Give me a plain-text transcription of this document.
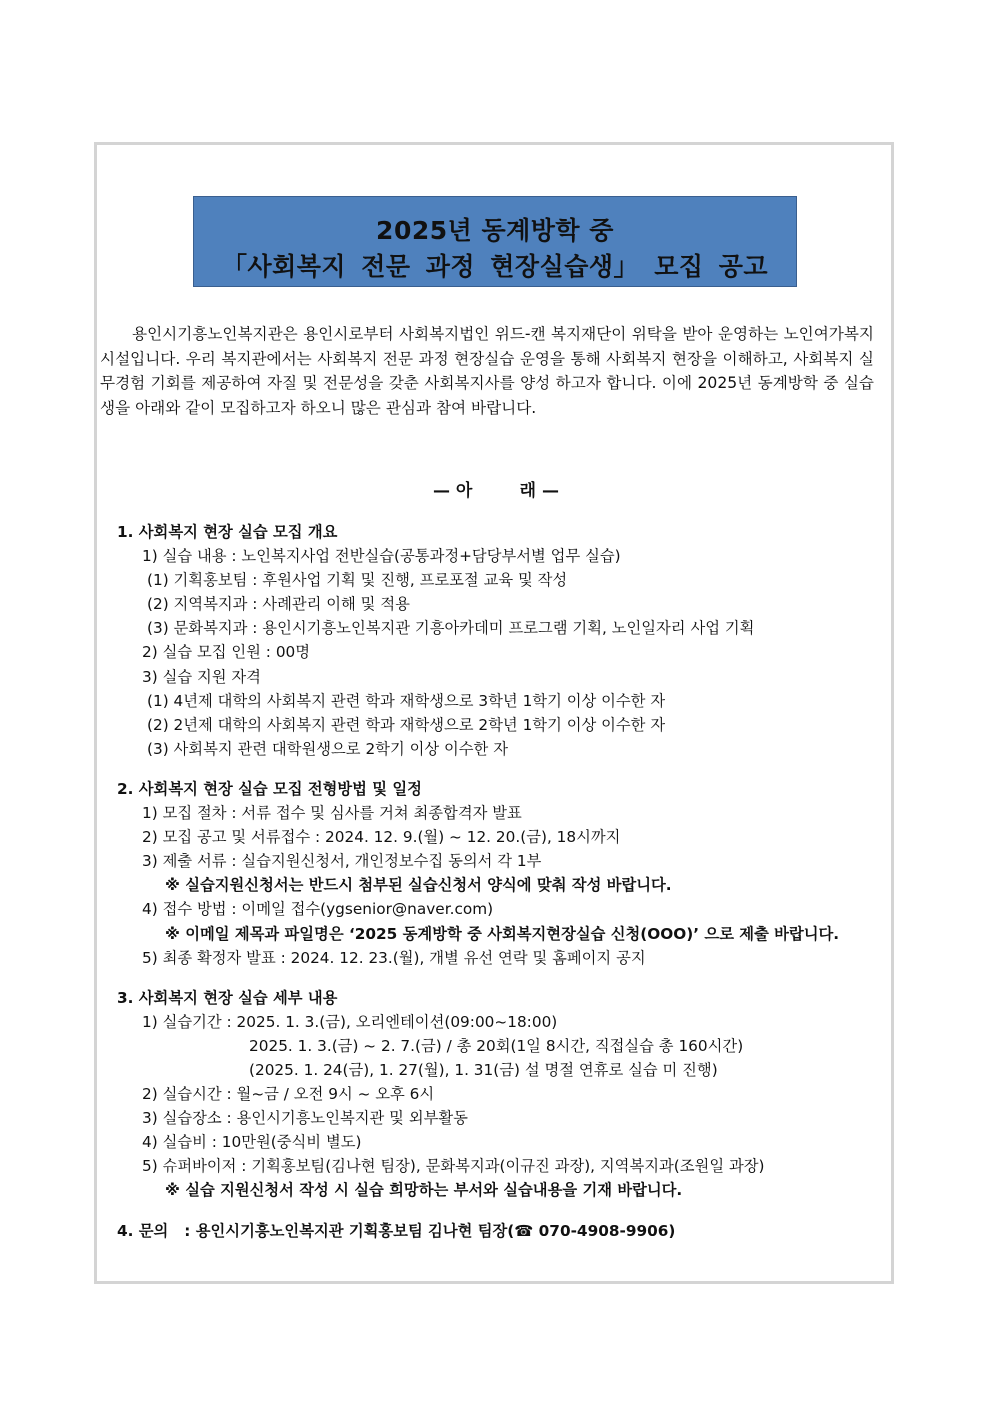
2025년 동계방학 중
「사회복지 전문 과정 현장실습생」 모집 공고

용인시기흥노인복지관은 용인시로부터 사회복지법인 위드-캔 복지재단이 위탁을 받아 운영하는 노인여가복지시설입니다. 우리 복지관에서는 사회복지 전문 과정 현장실습 운영을 통해 사회복지 현장을 이해하고, 사회복지 실무경험 기회를 제공하여 자질 및 전문성을 갖춘 사회복지사를 양성 하고자 합니다. 이에 2025년 동계방학 중 실습생을 아래와 같이 모집하고자 하오니 많은 관심과 참여 바랍니다.

— 아        래 —
1. 사회복지 현장 실습 모집 개요
1) 실습 내용 : 노인복지사업 전반실습(공통과정+담당부서별 업무 실습)
(1) 기획홍보팀 : 후원사업 기획 및 진행, 프로포절 교육 및 작성
(2) 지역복지과 : 사례관리 이해 및 적용
(3) 문화복지과 : 용인시기흥노인복지관 기흥아카데미 프로그램 기획, 노인일자리 사업 기획
2) 실습 모집 인원 : 00명
3) 실습 지원 자격
(1) 4년제 대학의 사회복지 관련 학과 재학생으로 3학년 1학기 이상 이수한 자
(2) 2년제 대학의 사회복지 관련 학과 재학생으로 2학년 1학기 이상 이수한 자
(3) 사회복지 관련 대학원생으로 2학기 이상 이수한 자
2. 사회복지 현장 실습 모집 전형방법 및 일정
1) 모집 절차 : 서류 접수 및 심사를 거쳐 최종합격자 발표
2) 모집 공고 및 서류접수 : 2024. 12. 9.(월) ~ 12. 20.(금), 18시까지
3) 제출 서류 : 실습지원신청서, 개인정보수집 동의서 각 1부
※ 실습지원신청서는 반드시 첨부된 실습신청서 양식에 맞춰 작성 바랍니다.
4) 접수 방법 : 이메일 접수(ygsenior@naver.com)
※ 이메일 제목과 파일명은 ‘2025 동계방학 중 사회복지현장실습 신청(OOO)’ 으로 제출 바랍니다.
5) 최종 확정자 발표 : 2024. 12. 23.(월), 개별 유선 연락 및 홈페이지 공지
3. 사회복지 현장 실습 세부 내용
1) 실습기간 : 2025. 1. 3.(금), 오리엔테이션(09:00~18:00)
2025. 1. 3.(금) ~ 2. 7.(금) / 총 20회(1일 8시간, 직접실습 총 160시간)
(2025. 1. 24(금), 1. 27(월), 1. 31(금) 설 명절 연휴로 실습 미 진행)
2) 실습시간 : 월~금 / 오전 9시 ~ 오후 6시
3) 실습장소 : 용인시기흥노인복지관 및 외부활동
4) 실습비 : 10만원(중식비 별도)
5) 슈퍼바이저 : 기획홍보팀(김나현 팀장), 문화복지과(이규진 과장), 지역복지과(조원일 과장)
※ 실습 지원신청서 작성 시 실습 희망하는 부서와 실습내용을 기재 바랍니다.
4. 문의   : 용인시기흥노인복지관 기획홍보팀 김나현 팀장(☎ 070-4908-9906)
